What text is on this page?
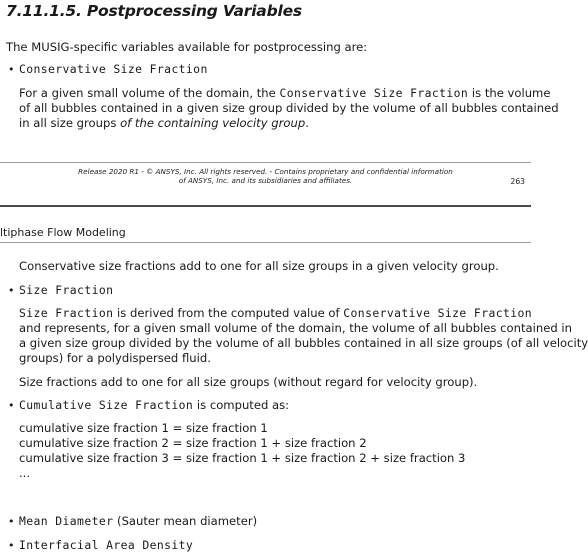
7.11.1.5. Postprocessing Variables
The MUSIG-specific variables available for postprocessing are:
• Conservative Size Fraction
For a given small volume of the domain, the Conservative Size Fraction is the volume
of all bubbles contained in a given size group divided by the volume of all bubbles contained
in all size groups of the containing velocity group.
Release 2020 R1 - © ANSYS, Inc. All rights reserved. - Contains proprietary and confidential information
of ANSYS, Inc. and its subsidiaries and affiliates.	263
ltiphase Flow Modeling
Conservative size fractions add to one for all size groups in a given velocity group.
• Size Fraction
Size Fraction is derived from the computed value of Conservative Size Fraction
and represents, for a given small volume of the domain, the volume of all bubbles contained in
a given size group divided by the volume of all bubbles contained in all size groups (of all velocity
groups) for a polydispersed fluid.
Size fractions add to one for all size groups (without regard for velocity group).
• Cumulative Size Fraction is computed as:
cumulative size fraction 1 = size fraction 1
cumulative size fraction 2 = size fraction 1 + size fraction 2
cumulative size fraction 3 = size fraction 1 + size fraction 2 + size fraction 3
...
• Mean Diameter (Sauter mean diameter)
• Interfacial Area Density
